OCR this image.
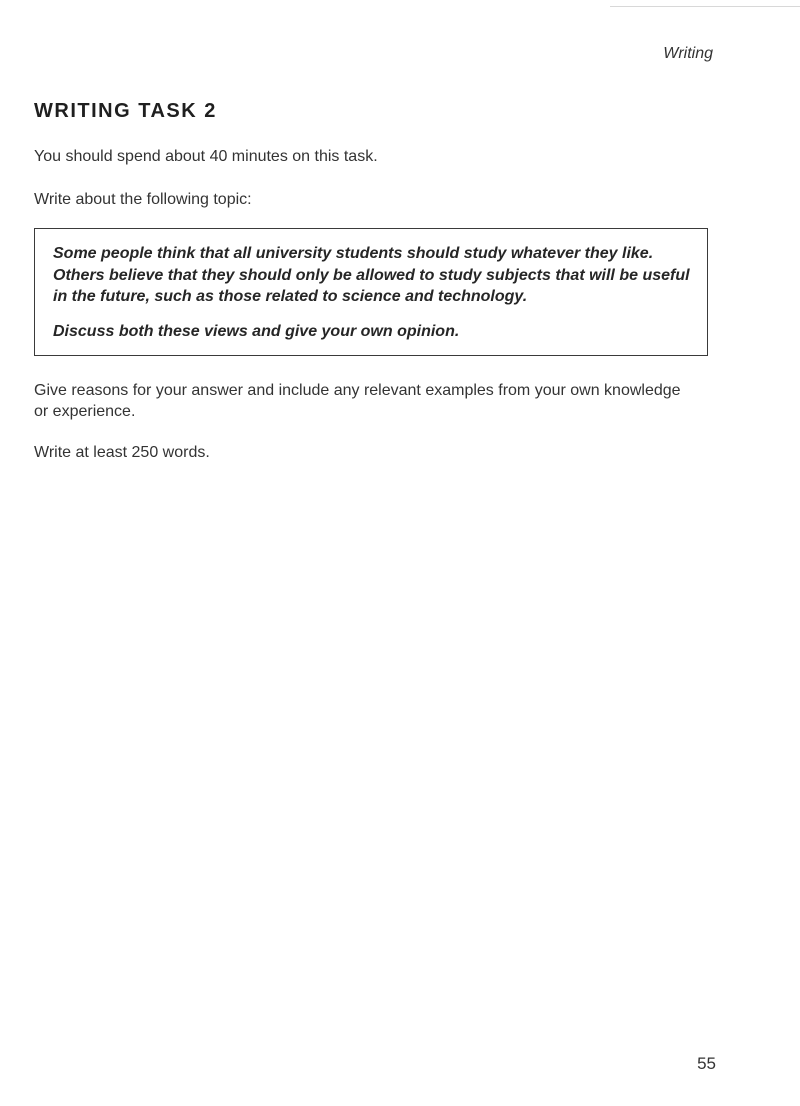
Writing
WRITING TASK 2

You should spend about 40 minutes on this task.

Write about the following topic:

Some people think that all university students should study whatever they like. Others believe that they should only be allowed to study subjects that will be useful in the future, such as those related to science and technology.

Discuss both these views and give your own opinion.

Give reasons for your answer and include any relevant examples from your own knowledge or experience.

Write at least 250 words.

55
